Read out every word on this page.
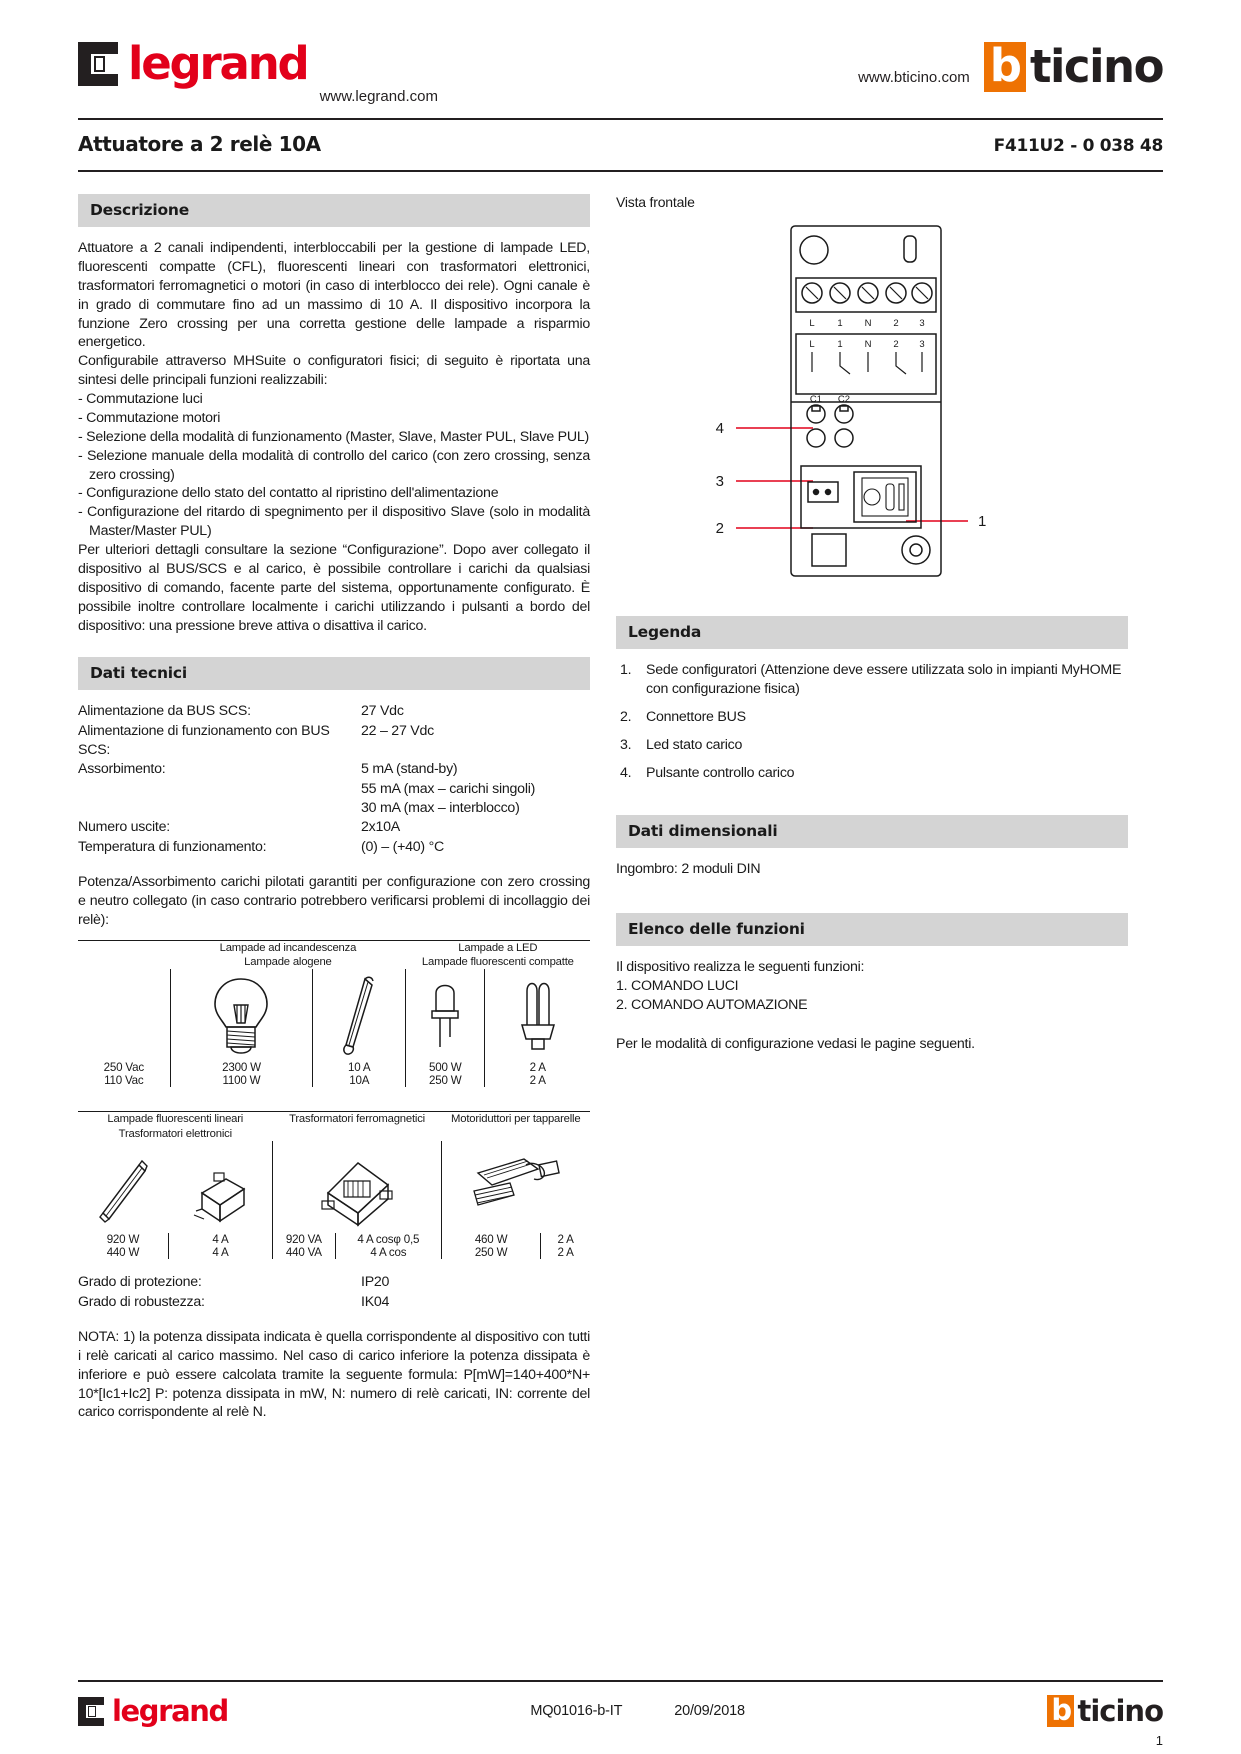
legrand
www.legrand.com
www.bticino.com b ticino
Attuatore a 2 relè 10A	F411U2 - 0 038 48
Descrizione

Attuatore a 2 canali indipendenti, interbloccabili per la gestione di lampade LED, fluorescenti compatte (CFL), fluorescenti lineari con trasformatori elettronici, trasformatori ferromagnetici o motori (in caso di interblocco dei rele). Ogni canale è in grado di commutare fino ad un massimo di 10 A. Il dispositivo incorpora la funzione Zero crossing per una corretta gestione delle lampade a risparmio energetico.

Configurabile attraverso MHSuite o configuratori fisici; di seguito è riportata una sintesi delle principali funzioni realizzabili:

- Commutazione luci
- Commutazione motori
- Selezione della modalità di funzionamento (Master, Slave, Master PUL, Slave PUL)
- Selezione manuale della modalità di controllo del carico (con zero crossing, senza zero crossing)
- Configurazione dello stato del contatto al ripristino dell'alimentazione
- Configurazione del ritardo di spegnimento per il dispositivo Slave (solo in modalità Master/Master PUL)

Per ulteriori dettagli consultare la sezione “Configurazione”. Dopo aver collegato il dispositivo al BUS/SCS e al carico, è possibile controllare i carichi da qualsiasi dispositivo di comando, facente parte del sistema, opportunamente configurato. È possibile inoltre controllare localmente i carichi utilizzando i pulsanti a bordo del dispositivo: una pressione breve attiva o disattiva il carico.

Dati tecnici
Alimentazione da BUS SCS:	27 Vdc
Alimentazione di funzionamento con BUS SCS:
22 – 27 Vdc
Assorbimento:	5 mA (stand-by)
55 mA (max – carichi singoli)
30 mA (max – interblocco)
Numero uscite:	2x10A
Temperatura di funzionamento:	(0) – (+40) °C

Potenza/Assorbimento carichi pilotati garantiti per configurazione con zero crossing e neutro collegato (in caso contrario potrebbero verificarsi problemi di incollaggio dei relè):

Lampade ad incandescenza
Lampade alogene

Lampade a LED
Lampade fluorescenti compatte

250 Vac	2300 W	10 A	500 W	2 A
110 Vac	1100 W	10A	250 W	2 A
Lampade fluorescenti lineari
Trasformatori elettronici		Trasformatori ferromagnetici		Motoriduttori per tapparelle	

920 W	4 A	920 VA	4 A cosφ 0,5	460 W	2 A
440 W	4 A	440 VA	4 A cos	250 W	2 A
Grado di protezione:	IP20
Grado di robustezza:	IK04

NOTA: 1) la potenza dissipata indicata è quella corrispondente al dispositivo con tutti i relè caricati al carico massimo. Nel caso di carico inferiore la potenza dissipata è inferiore e può essere calcolata tramite la seguente formula: P[mW]=140+400*N+ 10*[Ic1+Ic2] P: potenza dissipata in mW, N: numero di relè caricati, IN: corrente del carico corrispondente al relè N.

Vista frontale
4
3
2	1
L 1 N 2 3
L 1 N 2 3
C1 C2
Legenda
Sede configuratori (Attenzione deve essere utilizzata solo in impianti MyHOME con configurazione fisica)
Connettore BUS
Led stato carico
Pulsante controllo carico
Dati dimensionali

Ingombro: 2 moduli DIN

Elenco delle funzioni

Il dispositivo realizza le seguenti funzioni:

1. COMANDO LUCI

2. COMANDO AUTOMAZIONE

Per le modalità di configurazione vedasi le pagine seguenti.

legrand	MQ01016-b-IT	20/09/2018	b ticino
1
